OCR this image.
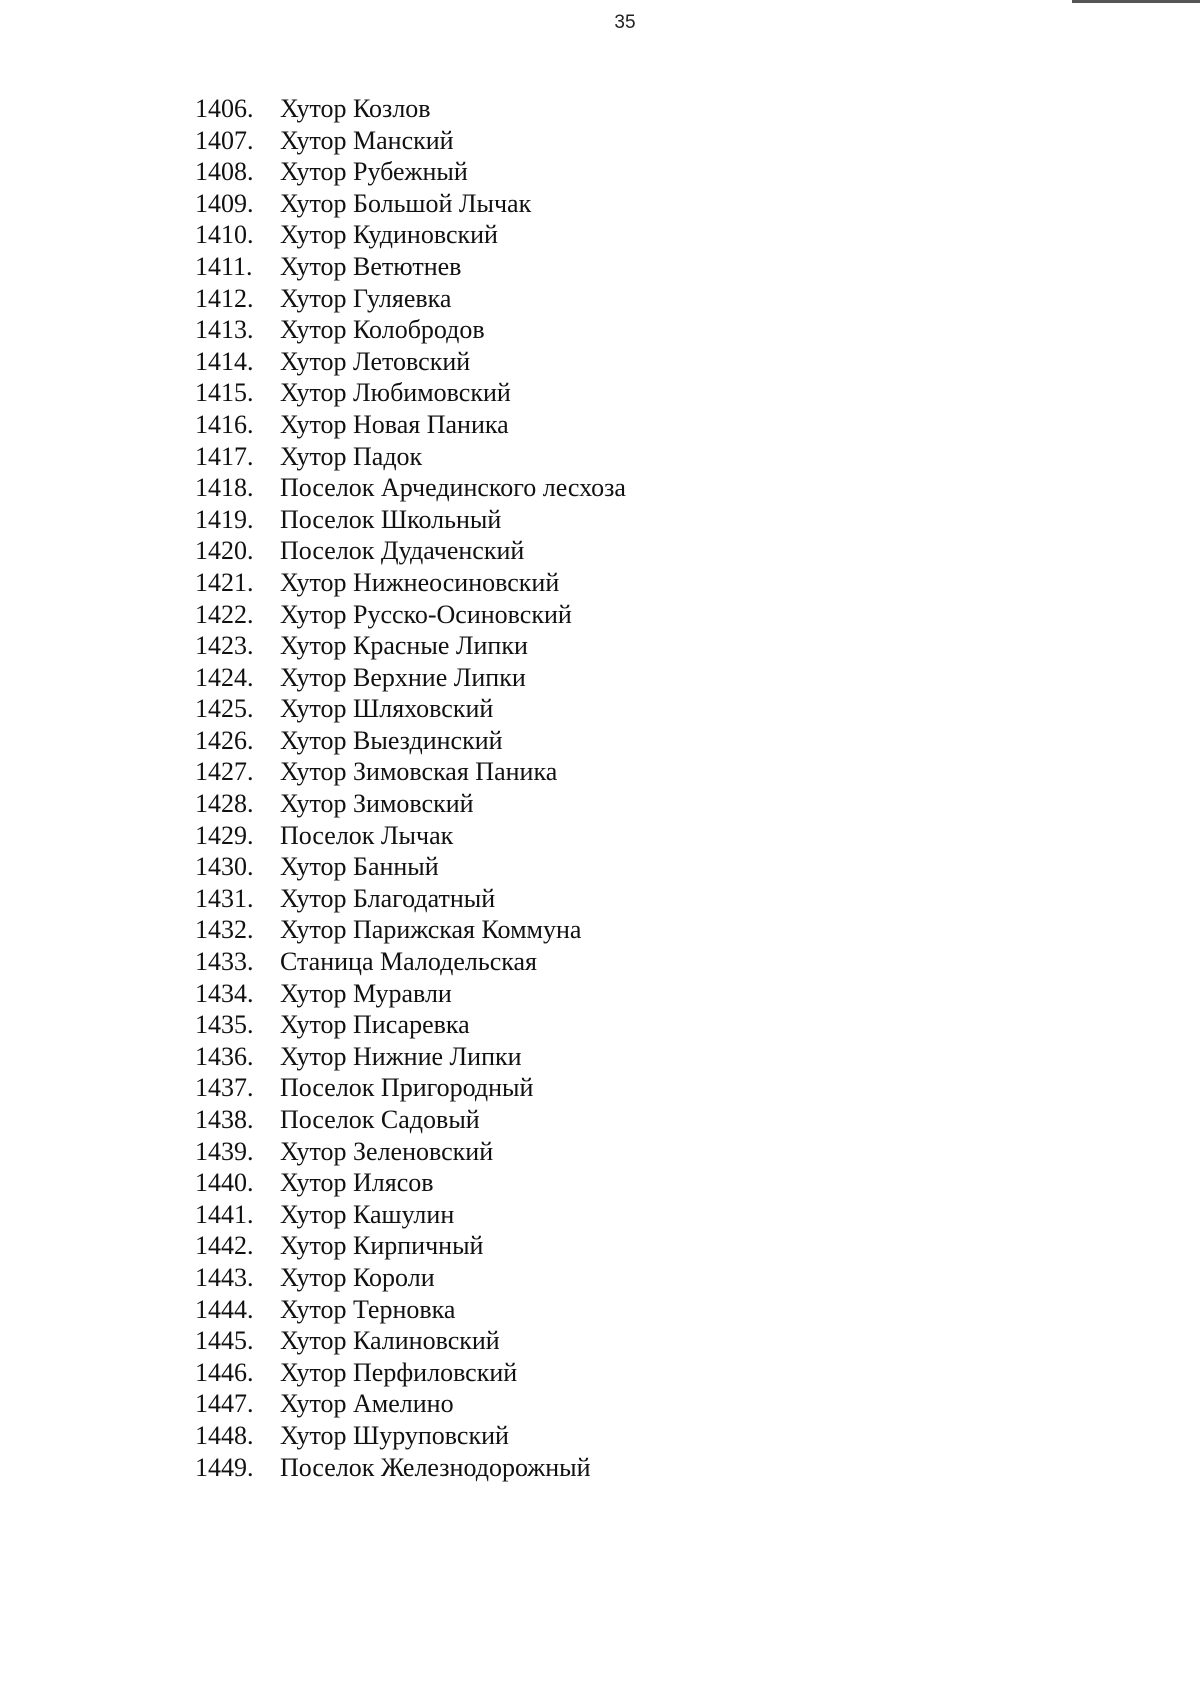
35
1406.	Хутор Козлов
1407.	Хутор Манский
1408.	Хутор Рубежный
1409.	Хутор Большой Лычак
1410.	Хутор Кудиновский
1411.	Хутор Ветютнев
1412.	Хутор Гуляевка
1413.	Хутор Колобродов
1414.	Хутор Летовский
1415.	Хутор Любимовский
1416.	Хутор Новая Паника
1417.	Хутор Падок
1418.	Поселок Арчединского лесхоза
1419.	Поселок Школьный
1420.	Поселок Дудаченский
1421.	Хутор Нижнеосиновский
1422.	Хутор Русско-Осиновский
1423.	Хутор Красные Липки
1424.	Хутор Верхние Липки
1425.	Хутор Шляховский
1426.	Хутор Выездинский
1427.	Хутор Зимовская Паника
1428.	Хутор Зимовский
1429.	Поселок Лычак
1430.	Хутор Банный
1431.	Хутор Благодатный
1432.	Хутор Парижская Коммуна
1433.	Станица Малодельская
1434.	Хутор Муравли
1435.	Хутор Писаревка
1436.	Хутор Нижние Липки
1437.	Поселок Пригородный
1438.	Поселок Садовый
1439.	Хутор Зеленовский
1440.	Хутор Илясов
1441.	Хутор Кашулин
1442.	Хутор Кирпичный
1443.	Хутор Короли
1444.	Хутор Терновка
1445.	Хутор Калиновский
1446.	Хутор Перфиловский
1447.	Хутор Амелино
1448.	Хутор Шуруповский
1449.	Поселок Железнодорожный
